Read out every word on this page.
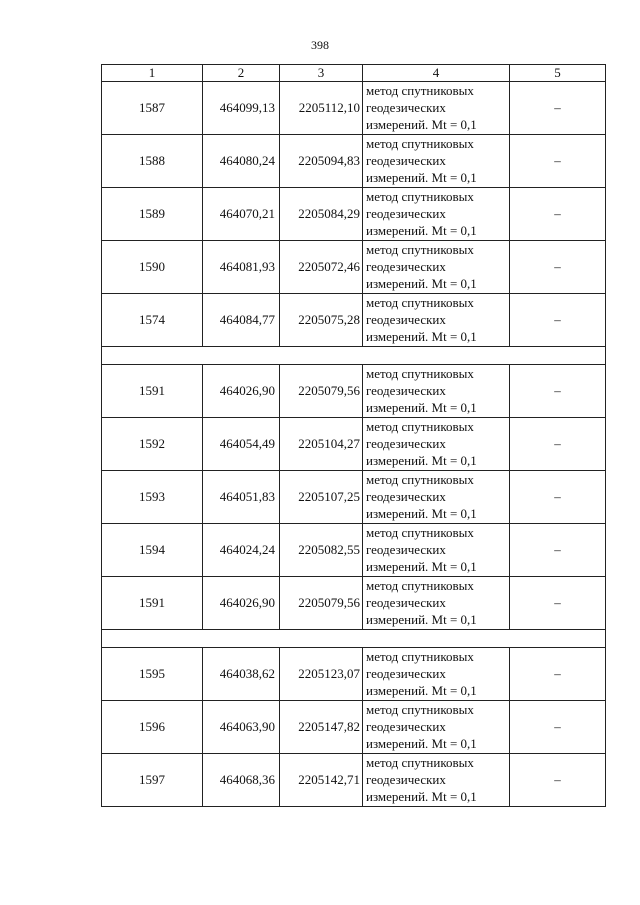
398
1	2	3	4	5
1587	464099,13	2205112,10	метод спутниковых
геодезических
измерений. Mt = 0,1	–
1588	464080,24	2205094,83	метод спутниковых
геодезических
измерений. Mt = 0,1	–
1589	464070,21	2205084,29	метод спутниковых
геодезических
измерений. Mt = 0,1	–
1590	464081,93	2205072,46	метод спутниковых
геодезических
измерений. Mt = 0,1	–
1574	464084,77	2205075,28	метод спутниковых
геодезических
измерений. Mt = 0,1	–

1591	464026,90	2205079,56	метод спутниковых
геодезических
измерений. Mt = 0,1	–
1592	464054,49	2205104,27	метод спутниковых
геодезических
измерений. Mt = 0,1	–
1593	464051,83	2205107,25	метод спутниковых
геодезических
измерений. Mt = 0,1	–
1594	464024,24	2205082,55	метод спутниковых
геодезических
измерений. Mt = 0,1	–
1591	464026,90	2205079,56	метод спутниковых
геодезических
измерений. Mt = 0,1	–

1595	464038,62	2205123,07	метод спутниковых
геодезических
измерений. Mt = 0,1	–
1596	464063,90	2205147,82	метод спутниковых
геодезических
измерений. Mt = 0,1	–
1597	464068,36	2205142,71	метод спутниковых
геодезических
измерений. Mt = 0,1	–
